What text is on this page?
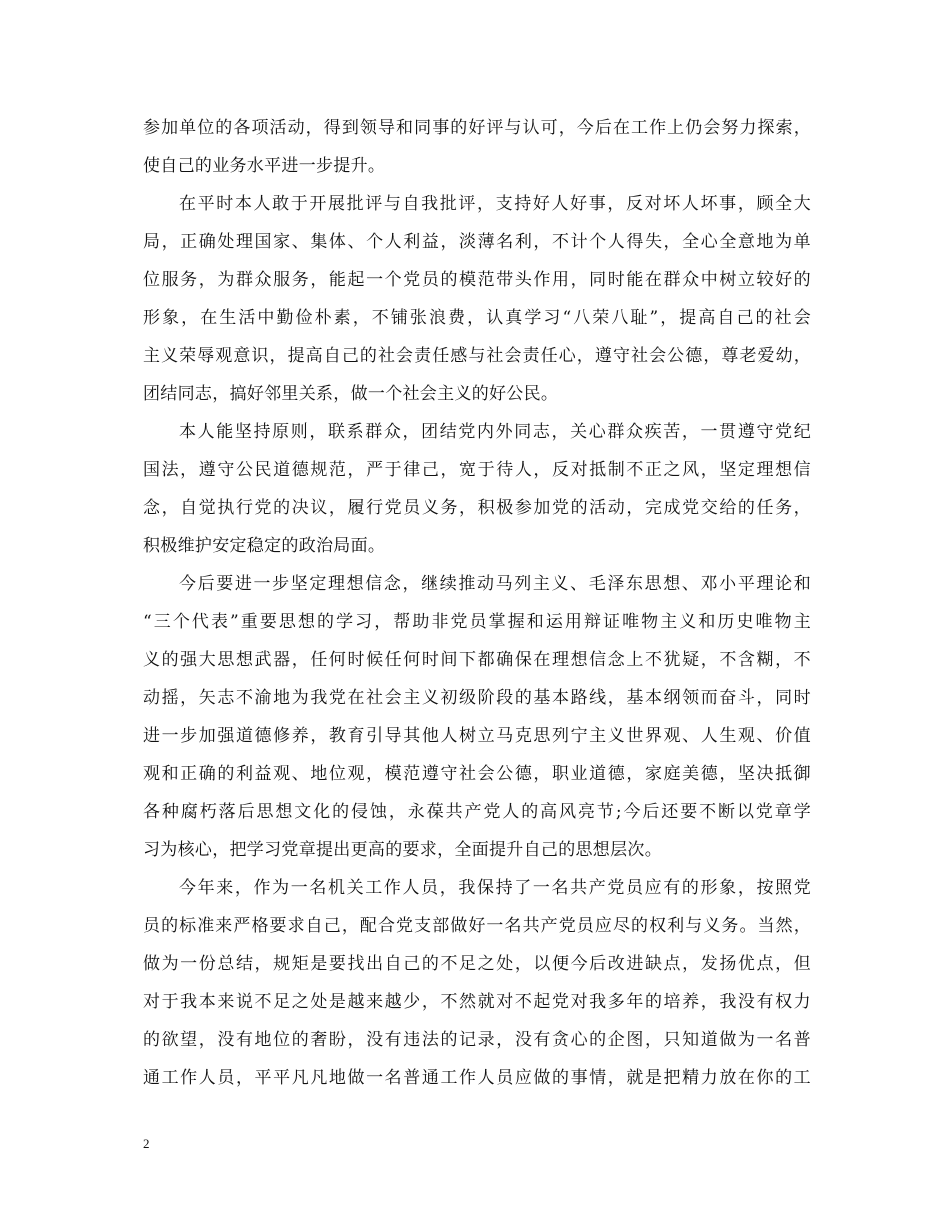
参加单位的各项活动，得到领导和同事的好评与认可，今后在工作上仍会努力探索，
使自己的业务水平进一步提升。
在平时本人敢于开展批评与自我批评，支持好人好事，反对坏人坏事，顾全大
局，正确处理国家、集体、个人利益，淡薄名利，不计个人得失，全心全意地为单
位服务，为群众服务，能起一个党员的模范带头作用，同时能在群众中树立较好的
形象，在生活中勤俭朴素，不铺张浪费，认真学习“八荣八耻”，提高自己的社会
主义荣辱观意识，提高自己的社会责任感与社会责任心，遵守社会公德，尊老爱幼，
团结同志，搞好邻里关系，做一个社会主义的好公民。
本人能坚持原则，联系群众，团结党内外同志，关心群众疾苦，一贯遵守党纪
国法，遵守公民道德规范，严于律己，宽于待人，反对抵制不正之风，坚定理想信
念，自觉执行党的决议，履行党员义务，积极参加党的活动，完成党交给的任务，
积极维护安定稳定的政治局面。
今后要进一步坚定理想信念，继续推动马列主义、毛泽东思想、邓小平理论和
“三个代表”重要思想的学习，帮助非党员掌握和运用辩证唯物主义和历史唯物主
义的强大思想武器，任何时候任何时间下都确保在理想信念上不犹疑，不含糊，不
动摇，矢志不渝地为我党在社会主义初级阶段的基本路线，基本纲领而奋斗，同时
进一步加强道德修养，教育引导其他人树立马克思列宁主义世界观、人生观、价值
观和正确的利益观、地位观，模范遵守社会公德，职业道德，家庭美德，坚决抵御
各种腐朽落后思想文化的侵蚀，永葆共产党人的高风亮节;今后还要不断以党章学
习为核心，把学习党章提出更高的要求，全面提升自己的思想层次。
今年来，作为一名机关工作人员，我保持了一名共产党员应有的形象，按照党
员的标准来严格要求自己，配合党支部做好一名共产党员应尽的权利与义务。当然，
做为一份总结，规矩是要找出自己的不足之处，以便今后改进缺点，发扬优点，但
对于我本来说不足之处是越来越少，不然就对不起党对我多年的培养，我没有权力
的欲望，没有地位的奢盼，没有违法的记录，没有贪心的企图，只知道做为一名普
通工作人员，平平凡凡地做一名普通工作人员应做的事情，就是把精力放在你的工
2
